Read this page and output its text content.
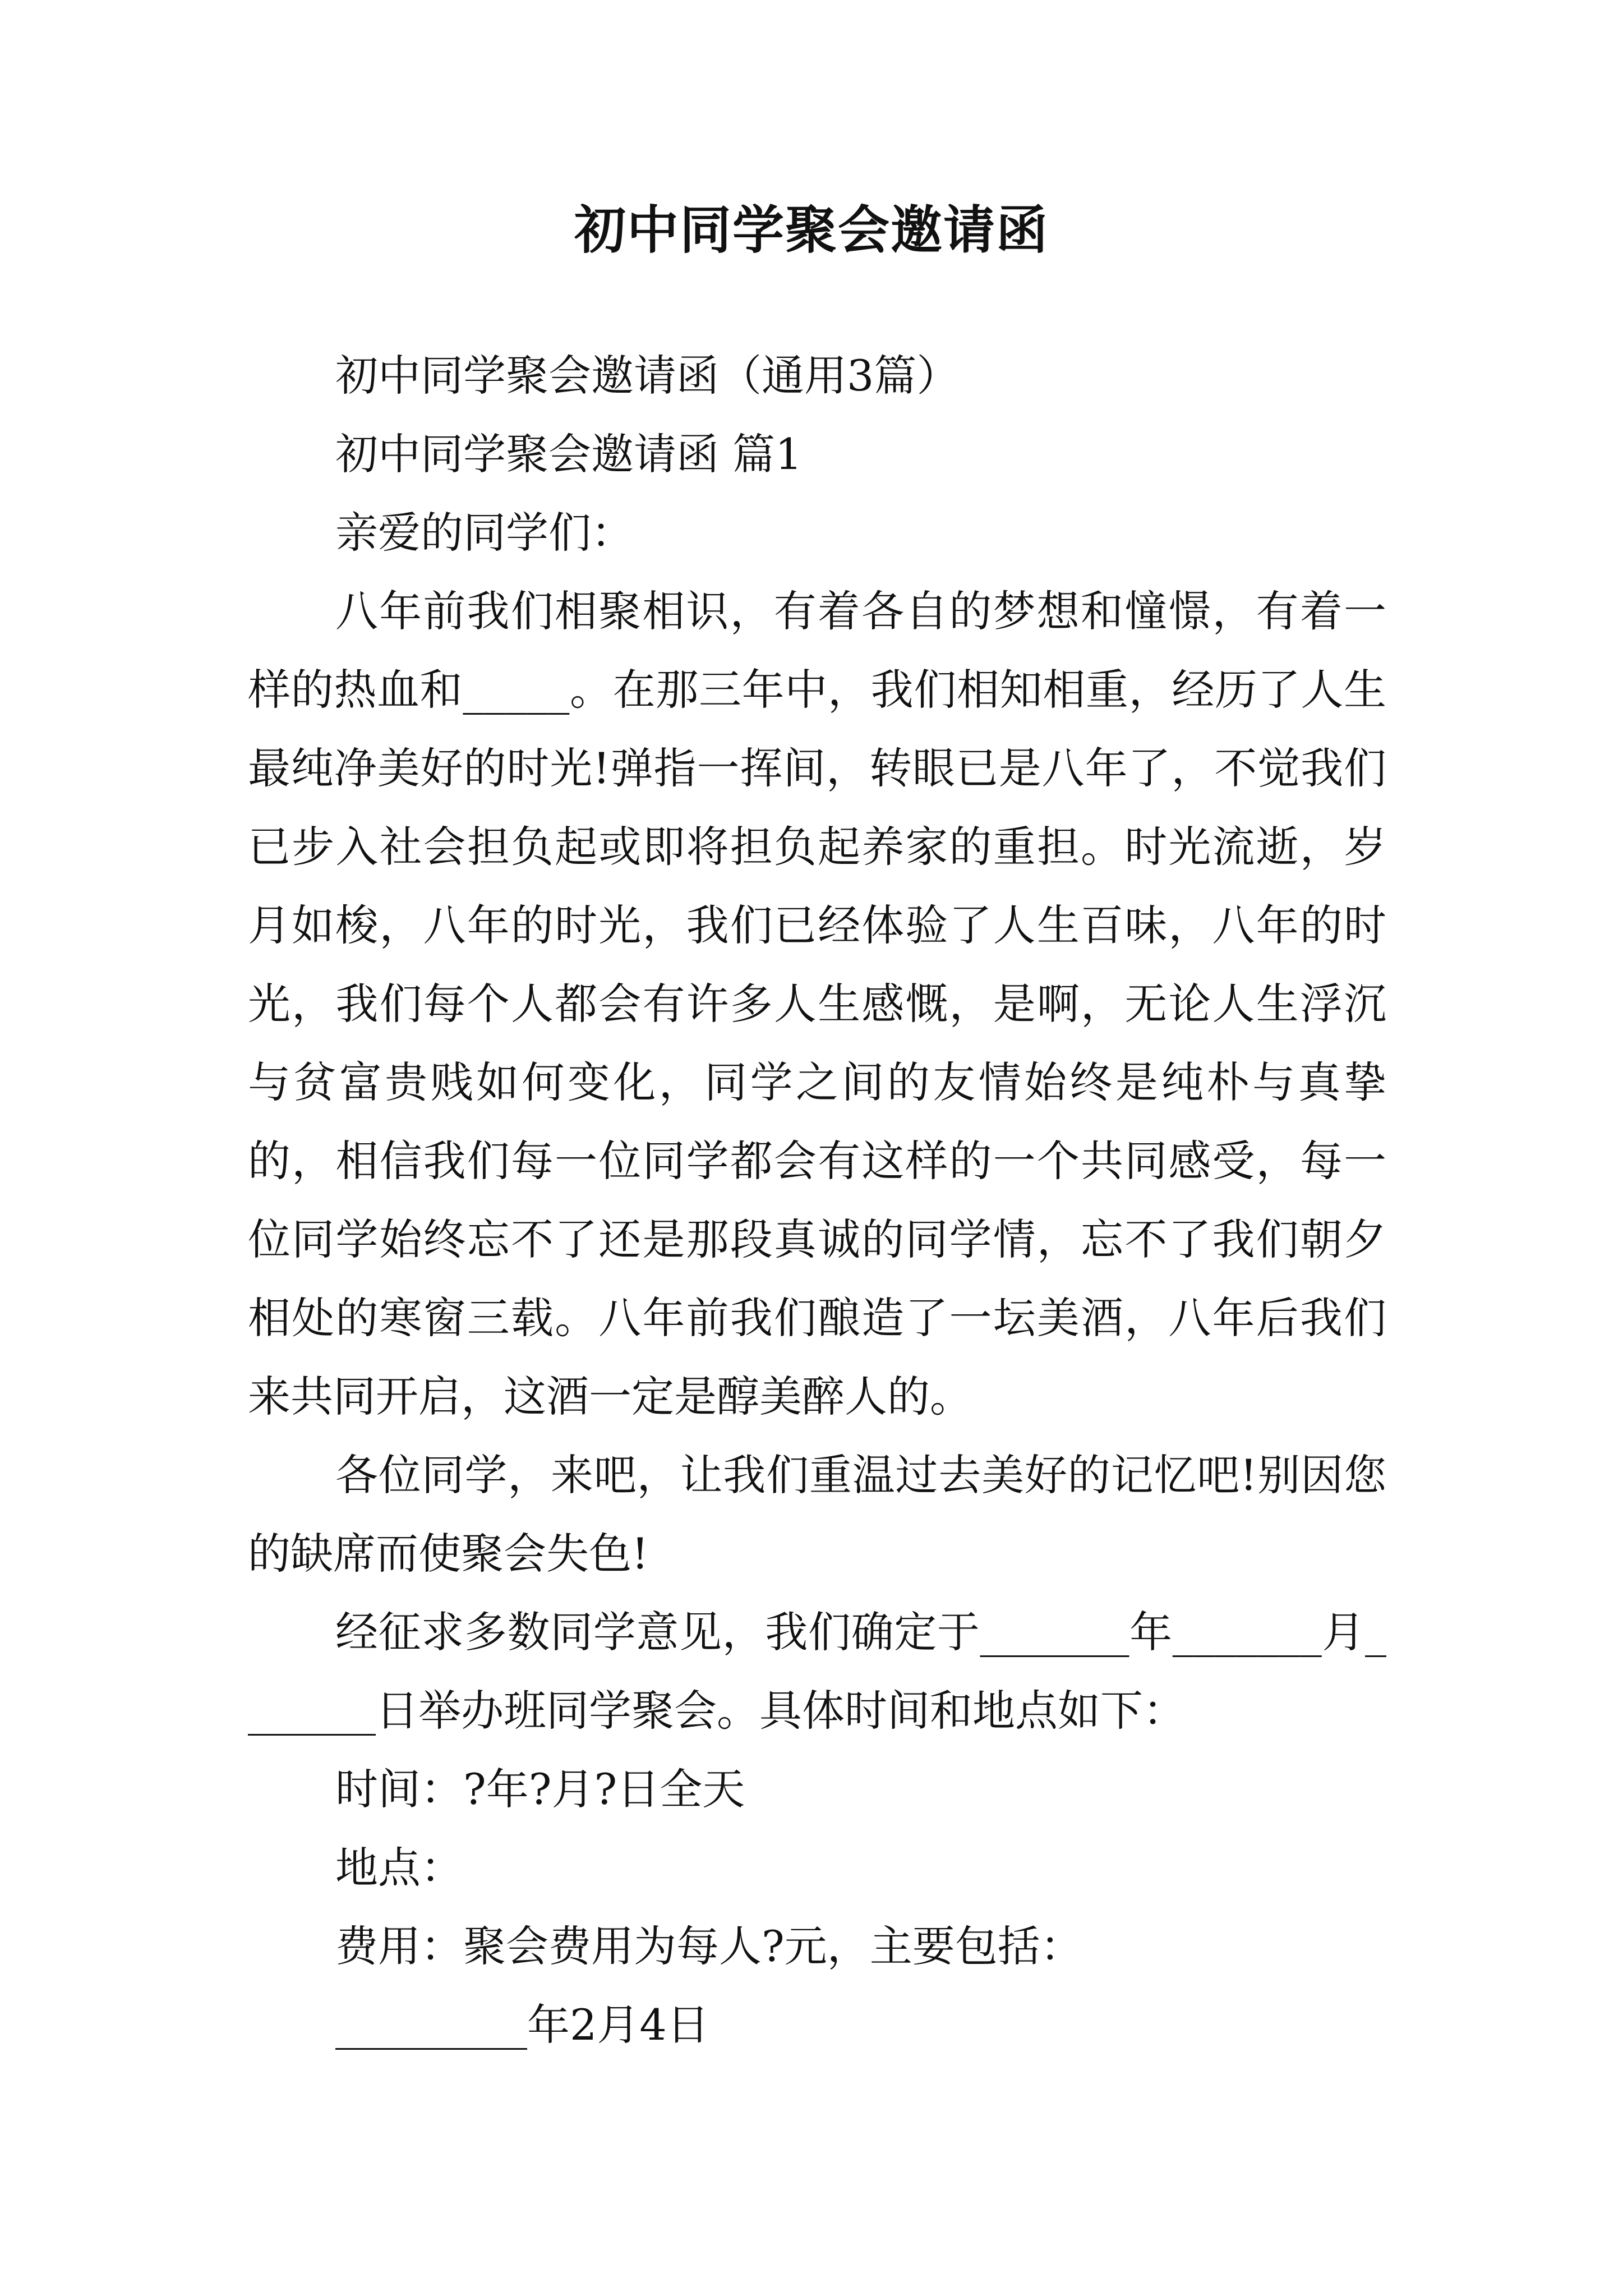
初中同学聚会邀请函

初中同学聚会邀请函（通用3篇）

初中同学聚会邀请函 篇1

亲爱的同学们：

八年前我们相聚相识，有着各自的梦想和憧憬，有着一样的热血和_____。在那三年中，我们相知相重，经历了人生最纯净美好的时光!弹指一挥间，转眼已是八年了，不觉我们已步入社会担负起或即将担负起养家的重担。时光流逝，岁月如梭，八年的时光，我们已经体验了人生百味，八年的时光，我们每个人都会有许多人生感慨，是啊，无论人生浮沉与贫富贵贱如何变化，同学之间的友情始终是纯朴与真挚的，相信我们每一位同学都会有这样的一个共同感受，每一位同学始终忘不了还是那段真诚的同学情，忘不了我们朝夕相处的寒窗三载。八年前我们酿造了一坛美酒，八年后我们来共同开启，这酒一定是醇美醉人的。

各位同学，来吧，让我们重温过去美好的记忆吧!别因您的缺席而使聚会失色!

经征求多数同学意见，我们确定于_______年_______月_______日举办班同学聚会。具体时间和地点如下：

时间：?年?月?日全天

地点：

费用：聚会费用为每人?元，主要包括：

_________年2月4日
